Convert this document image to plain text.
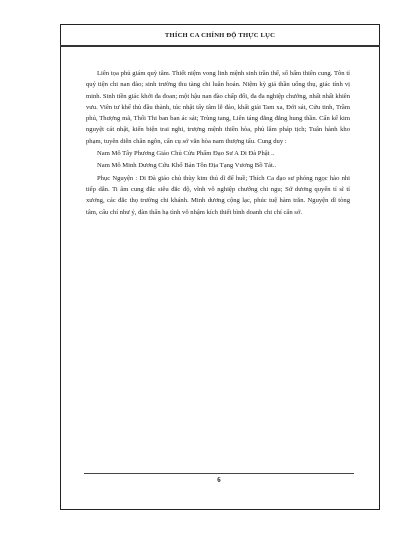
THÍCH CA CHÍNH ĐỘ THỰC LỤC

Liên tọa phủ giám quỳ tâm. Thiết niệm vong linh mệnh sinh trần thế, số bấm thiên cung. Tôn tỉ quý tiện chi nan đào; sinh trường thu tàng chi luân hoán. Niệm kỳ giả thần uổng thụ, giác tính vị minh. Sinh tiền giác khởi đa đoan; một hậu nan đào chấp đối, đa đa nghiệp chướng, nhất nhất khiên vưu. Viên tư khể thủ đầu thành, túc nhật tẩy tâm lễ đảo, khất giải Tam xa, Đới sát, Cửu tinh, Trầm phủ, Thượng mã, Thối Thi ban ban ác sát; Trùng tang, Liên táng đẳng đẳng hung thần. Cẩn kế kim nguyệt cát nhật, kiến biện trai nghi, trượng mệnh thiền hòa, phủ lâm pháp tịch; Tuân hành kho phạm, tuyên diễn chân ngôn, cẩn cụ sớ văn hòa nam thượng tấu. Cung duy :

Nam Mô Tây Phương Giáo Chủ Cửu Phẩm Đạo Sư A Di Đà Phật ..

Nam Mô Minh Dương Cứu Khổ Bản Tôn Địa Tạng Vương Bồ Tát..

Phục Nguyện : Di Đà giáo chủ thùy kim thủ dĩ để huề; Thích Ca đạo sư phóng ngọc hào nhi tiếp dẫn. Ti âm cung đắc siêu đắc độ, vĩnh vô nghiệp chướng chi ngu; Sứ dương quyến tỉ sĩ tỉ xương, các đắc thọ trường chi khánh. Minh dương cộng lạc, phúc tuệ hàm trăn. Nguyện dĩ tòng tâm, cẩu chí như ý, đàn thẩn hạ tình vô nhậm kích thiết bình doanh chi chí cẩn sớ.

6
